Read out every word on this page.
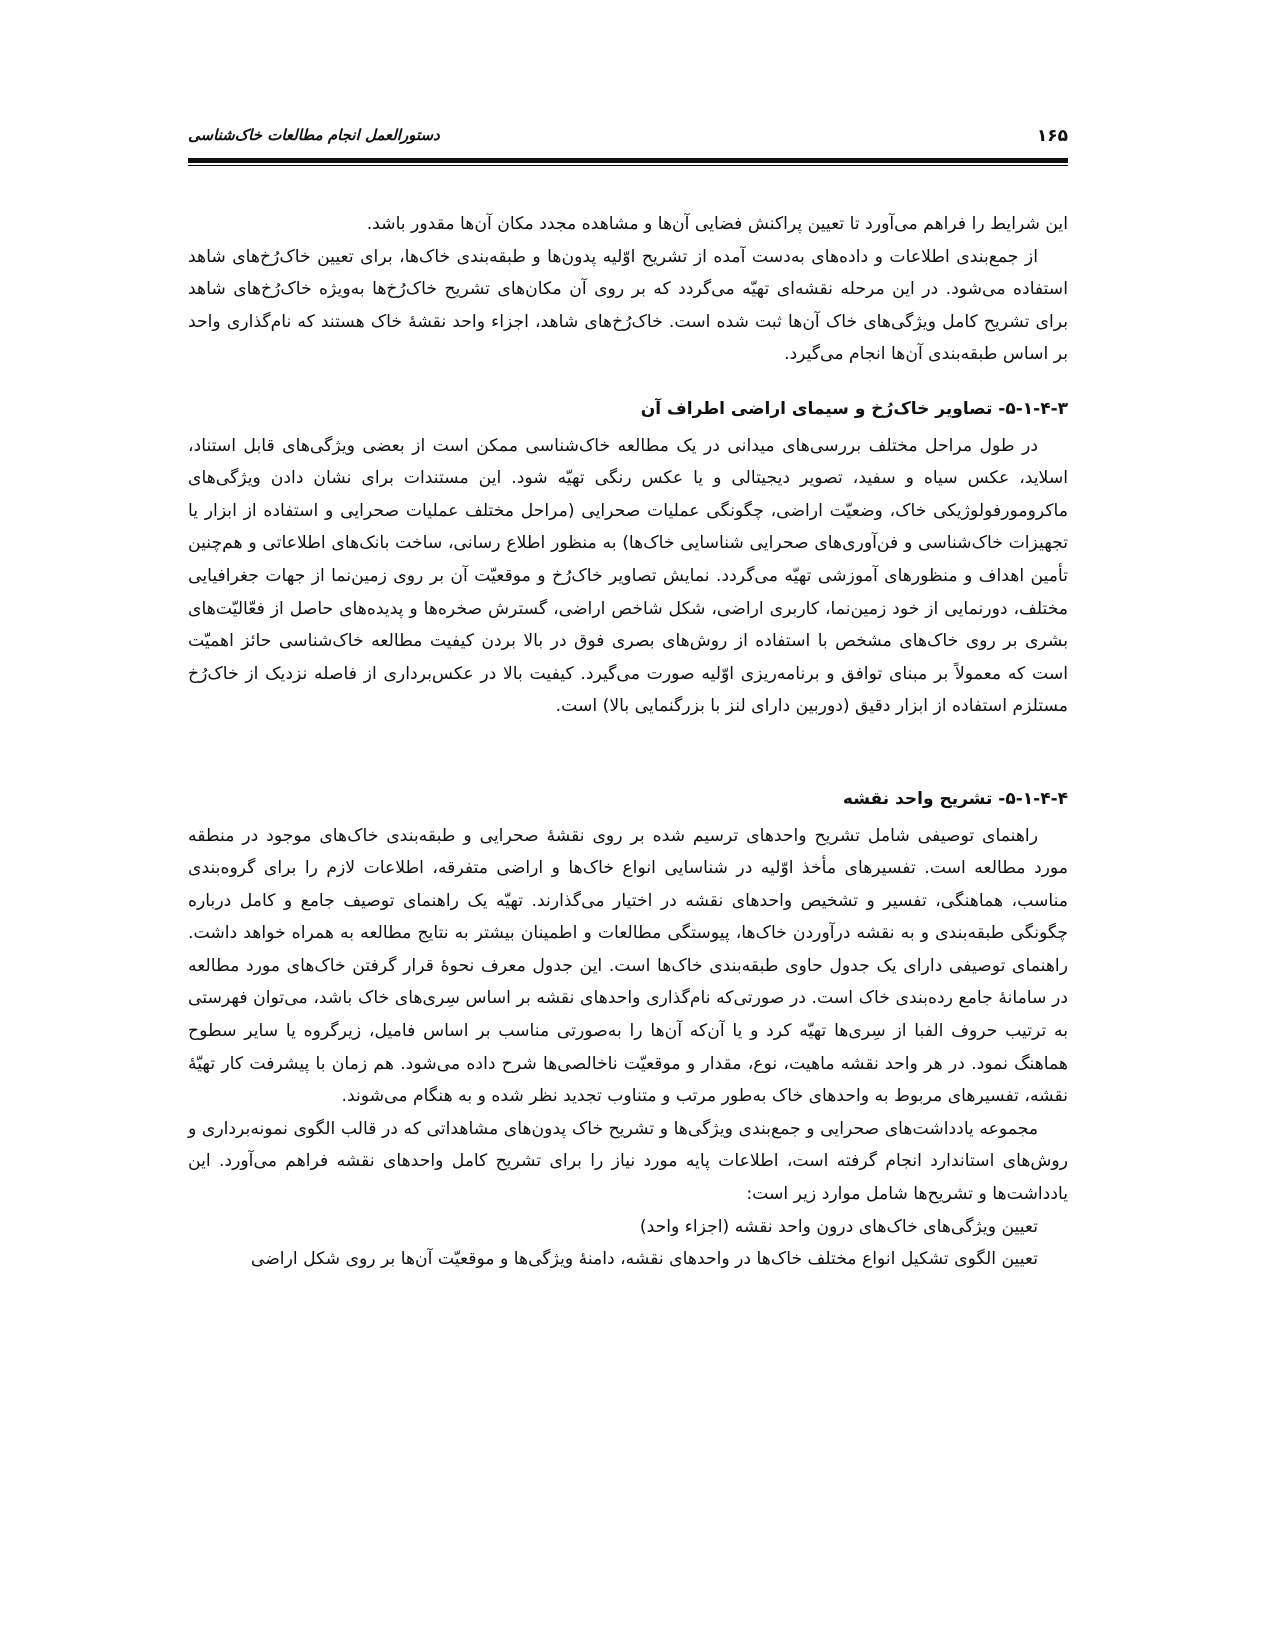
۱۶۵
دستورالعمل انجام مطالعات خاک‌شناسی

این شرایط را فراهم می‌آورد تا تعیین پراکنش فضایی آن‌ها و مشاهده مجدد مکان آن‌ها مقدور باشد.

از جمع‌بندی اطلاعات و داده‌های به‌دست آمده از تشریح اوّلیه پدون‌ها و طبقه‌بندی خاک‌ها، برای تعیین خاک‌رُخ‌های شاهد استفاده می‌شود. در این مرحله نقشه‌ای تهیّه می‌گردد که بر روی آن مکان‌های تشریح خاک‌رُخ‌ها به‌ویژه خاک‌رُخ‌های شاهد برای تشریح کامل ویژگی‌های خاک آن‌ها ثبت شده است. خاک‌رُخ‌های شاهد، اجزاء واحد نقشهٔ خاک هستند که نام‌گذاری واحد بر اساس طبقه‌بندی آن‌ها انجام می‌گیرد.

۵-۱-۴-۳- تصاویر خاک‌رُخ و سیمای اراضی اطراف آن

در طول مراحل مختلف بررسی‌های میدانی در یک مطالعه خاک‌شناسی ممکن است از بعضی ویژگی‌های قابل استناد، اسلاید، عکس سیاه و سفید، تصویر دیجیتالی و یا عکس رنگی تهیّه شود. این مستندات برای نشان دادن ویژگی‌های ماکرومورفولوژیکی خاک، وضعیّت اراضی، چگونگی عملیات صحرایی (مراحل مختلف عملیات صحرایی و استفاده از ابزار یا تجهیزات خاک‌شناسی و فن‌آوری‌های صحرایی شناسایی خاک‌ها) به منظور اطلاع رسانی، ساخت بانک‌های اطلاعاتی و هم‌چنین تأمین اهداف و منظورهای آموزشی تهیّه می‌گردد. نمایش تصاویر خاک‌رُخ و موقعیّت آن بر روی زمین‌نما از جهات جغرافیایی مختلف، دورنمایی از خود زمین‌نما، کاربری اراضی، شکل شاخص اراضی، گسترش صخره‌ها و پدیده‌های حاصل از فعّالیّت‌های بشری بر روی خاک‌های مشخص با استفاده از روش‌های بصری فوق در بالا بردن کیفیت مطالعه خاک‌شناسی حائز اهمیّت است که معمولاً بر مبنای توافق و برنامه‌ریزی اوّلیه صورت می‌گیرد. کیفیت بالا در عکس‌برداری از فاصله نزدیک از خاک‌رُخ مستلزم استفاده از ابزار دقیق (دوربین دارای لنز با بزرگنمایی بالا) است.

۵-۱-۴-۴- تشریح واحد نقشه

راهنمای توصیفی شامل تشریح واحدهای ترسیم شده بر روی نقشهٔ صحرایی و طبقه‌بندی خاک‌های موجود در منطقه مورد مطالعه است. تفسیرهای مأخذ اوّلیه در شناسایی انواع خاک‌ها و اراضی متفرقه، اطلاعات لازم را برای گروه‌بندی مناسب، هماهنگی، تفسیر و تشخیص واحدهای نقشه در اختیار می‌گذارند. تهیّه یک راهنمای توصیف جامع و کامل درباره چگونگی طبقه‌بندی و به نقشه درآوردن خاک‌ها، پیوستگی مطالعات و اطمینان بیشتر به نتایج مطالعه به همراه خواهد داشت. راهنمای توصیفی دارای یک جدول حاوی طبقه‌بندی خاک‌ها است. این جدول معرف نحوهٔ قرار گرفتن خاک‌های مورد مطالعه در سامانهٔ جامع رده‌بندی خاک است. در صورتی‌که نام‌گذاری واحدهای نقشه بر اساس سِری‌های خاک باشد، می‌توان فهرستی به ترتیب حروف الفبا از سِری‌ها تهیّه کرد و یا آن‌که آن‌ها را به‌صورتی مناسب بر اساس فامیل، زیرگروه یا سایر سطوح هماهنگ نمود. در هر واحد نقشه ماهیت، نوع، مقدار و موقعیّت ناخالصی‌ها شرح داده می‌شود. هم زمان با پیشرفت کار تهیّهٔ نقشه، تفسیرهای مربوط به واحدهای خاک به‌طور مرتب و متناوب تجدید نظر شده و به هنگام می‌شوند.

مجموعه یادداشت‌های صحرایی و جمع‌بندی ویژگی‌ها و تشریح خاک پدون‌های مشاهداتی که در قالب الگوی نمونه‌برداری و روش‌های استاندارد انجام گرفته است، اطلاعات پایه مورد نیاز را برای تشریح کامل واحدهای نقشه فراهم می‌آورد. این یادداشت‌ها و تشریح‌ها شامل موارد زیر است:

تعیین ویژگی‌های خاک‌های درون واحد نقشه (اجزاء واحد)

تعیین الگوی تشکیل انواع مختلف خاک‌ها در واحدهای نقشه، دامنهٔ ویژگی‌ها و موقعیّت آن‌ها بر روی شکل اراضی
